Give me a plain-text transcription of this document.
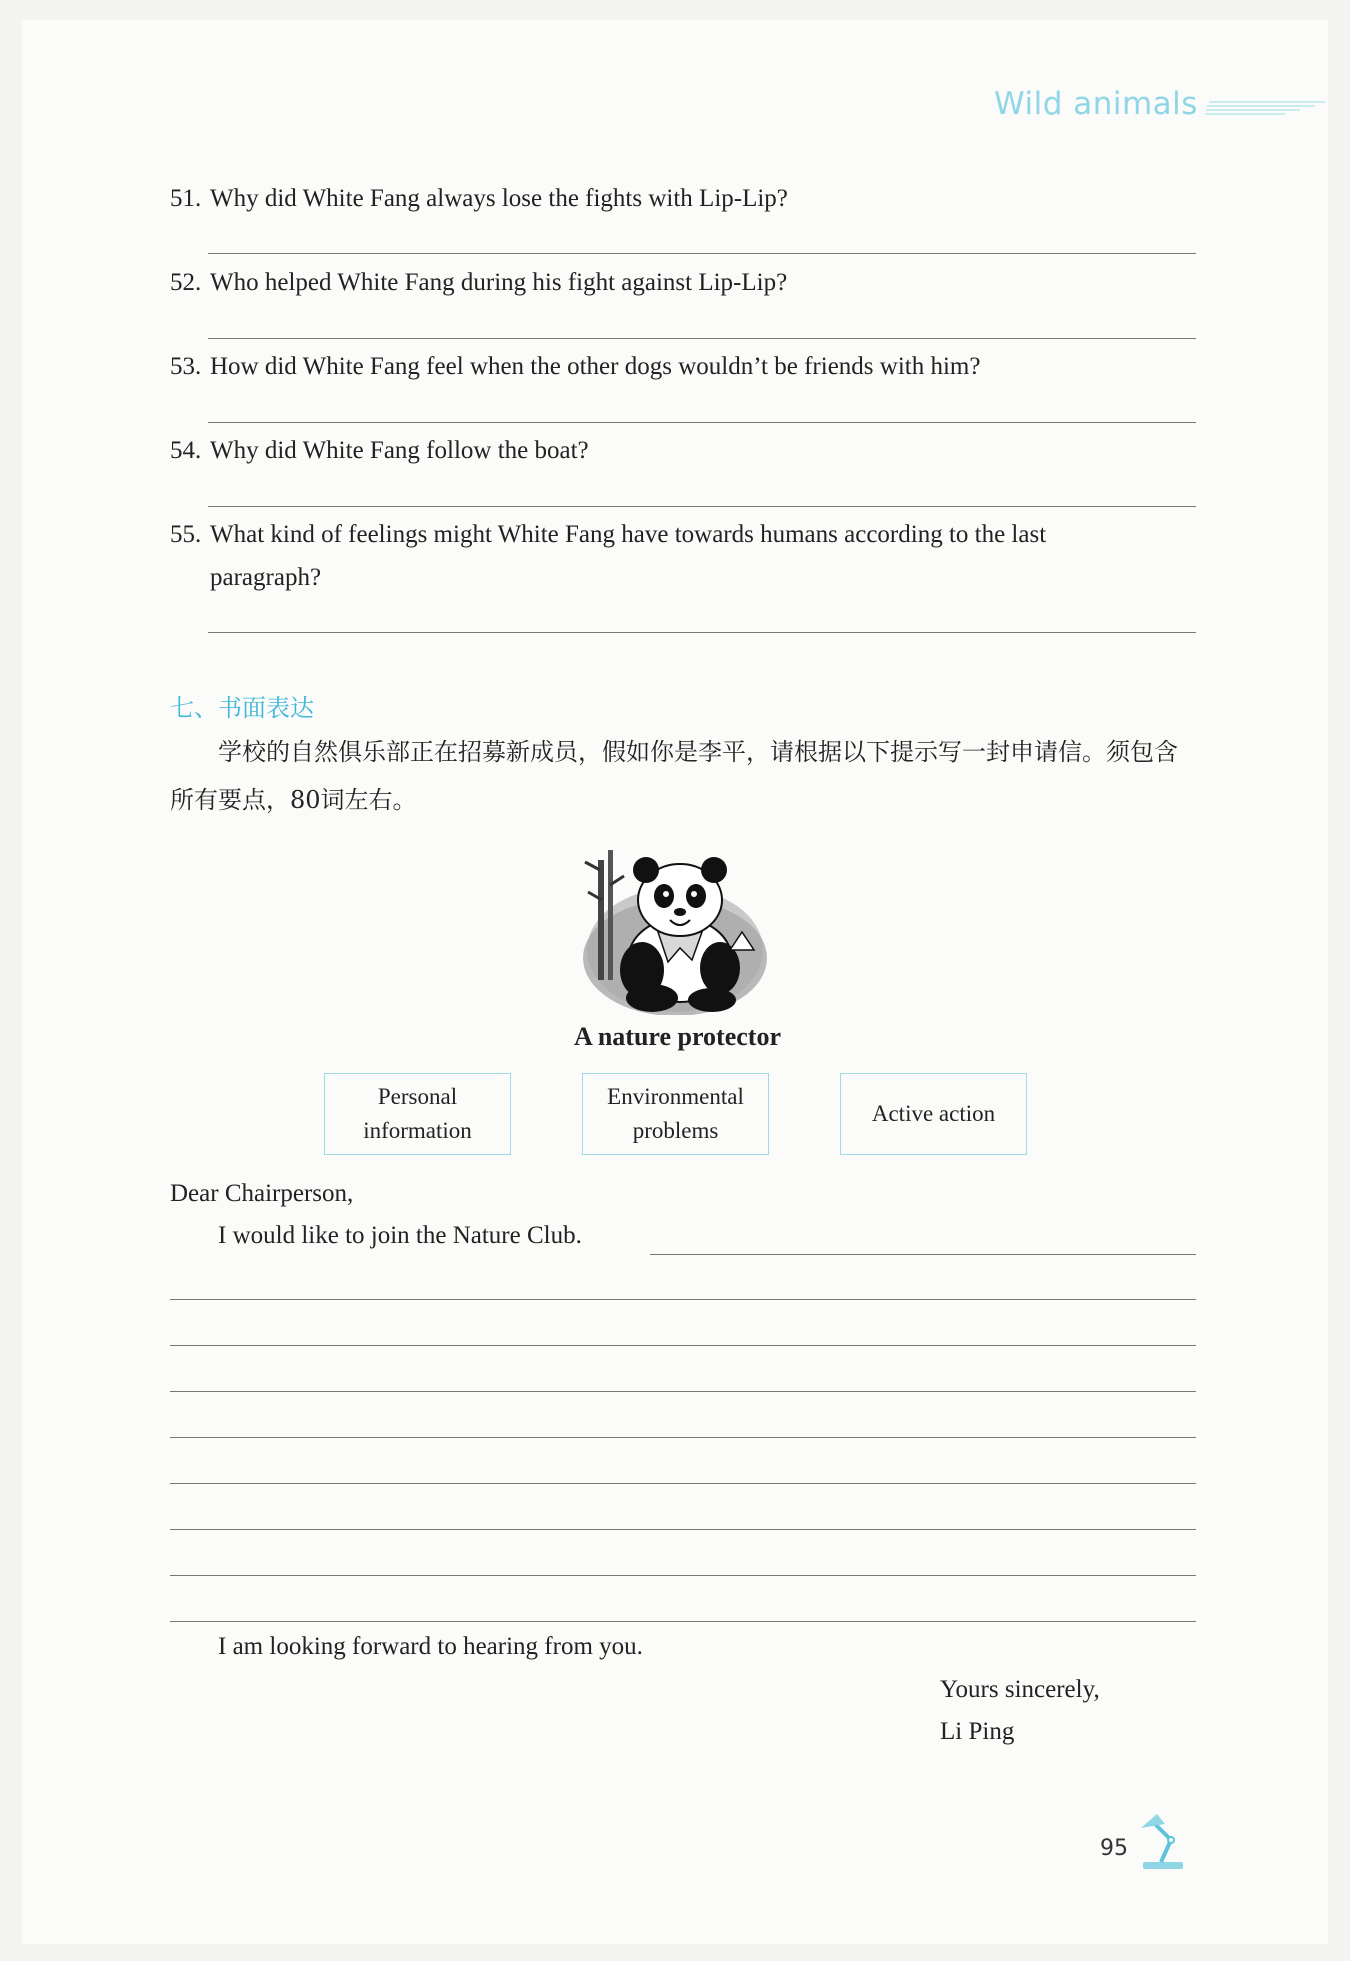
Wild animals
51. Why did White Fang always lose the fights with Lip-Lip?
52. Who helped White Fang during his fight against Lip-Lip?
53. How did White Fang feel when the other dogs wouldn’t be friends with him?
54. Why did White Fang follow the boat?
55. What kind of feelings might White Fang have towards humans according to the last
paragraph?
七、书面表达
学校的自然俱乐部正在招募新成员，假如你是李平，请根据以下提示写一封申请信。须包含所有要点，80词左右。
A nature protector
Personal
information
Environmental
problems
Active action
Dear Chairperson,
I would like to join the Nature Club.
I am looking forward to hearing from you.
Yours sincerely,
Li Ping
95
